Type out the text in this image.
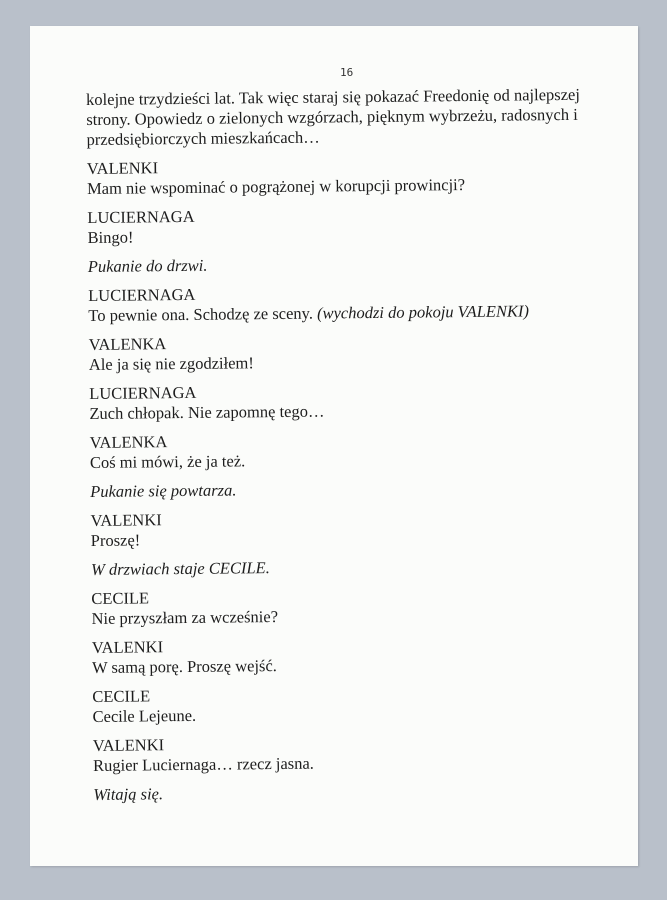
16
kolejne trzydzieści lat. Tak więc staraj się pokazać Freedonię od najlepszej
strony. Opowiedz o zielonych wzgórzach, pięknym wybrzeżu, radosnych i
przedsiębiorczych mieszkańcach…
VALENKI
Mam nie wspominać o pogrążonej w korupcji prowincji?
LUCIERNAGA
Bingo!
Pukanie do drzwi.
LUCIERNAGA
To pewnie ona. Schodzę ze sceny. (wychodzi do pokoju VALENKI)
VALENKA
Ale ja się nie zgodziłem!
LUCIERNAGA
Zuch chłopak. Nie zapomnę tego…
VALENKA
Coś mi mówi, że ja też.
Pukanie się powtarza.
VALENKI
Proszę!
W drzwiach staje CECILE.
CECILE
Nie przyszłam za wcześnie?
VALENKI
W samą porę. Proszę wejść.
CECILE
Cecile Lejeune.
VALENKI
Rugier Luciernaga… rzecz jasna.
Witają się.
